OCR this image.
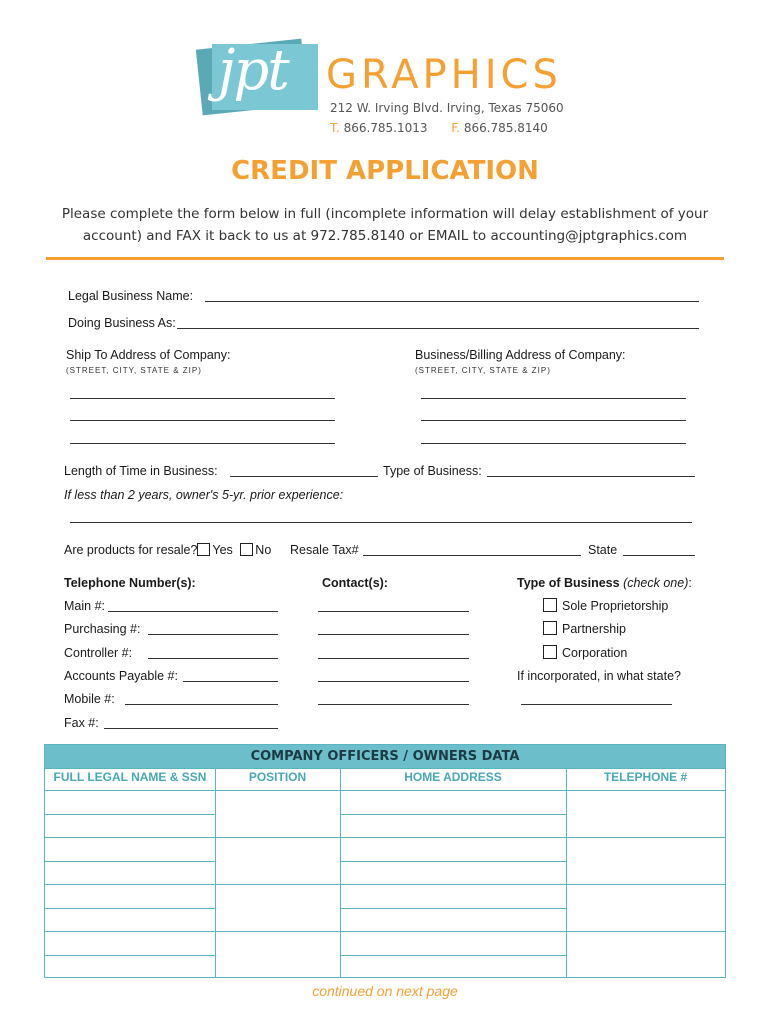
jpt GRAPHICS
212 W. Irving Blvd. Irving, Texas 75060
T. 866.785.1013 F. 866.785.8140
CREDIT APPLICATION
Please complete the form below in full (incomplete information will delay establishment of your
account) and FAX it back to us at 972.785.8140 or EMAIL to accounting@jptgraphics.com
Legal Business Name:
Doing Business As:
Ship To Address of Company:
(STREET, CITY, STATE & ZIP)
Business/Billing Address of Company:
(STREET, CITY, STATE & ZIP)
Length of Time in Business:	Type of Business:
If less than 2 years, owner's 5-yr. prior experience:
Are products for resale? Yes No Resale Tax#	State
Telephone Number(s):	Contact(s):	Type of Business (check one):
Main #:
Purchasing #:
Controller #:
Accounts Payable #:
Mobile #:
Fax #:
Sole Proprietorship
Partnership
Corporation
If incorporated, in what state?
COMPANY OFFICERS / OWNERS DATA
FULL LEGAL NAME & SSN	POSITION	HOME ADDRESS	TELEPHONE #
continued on next page
